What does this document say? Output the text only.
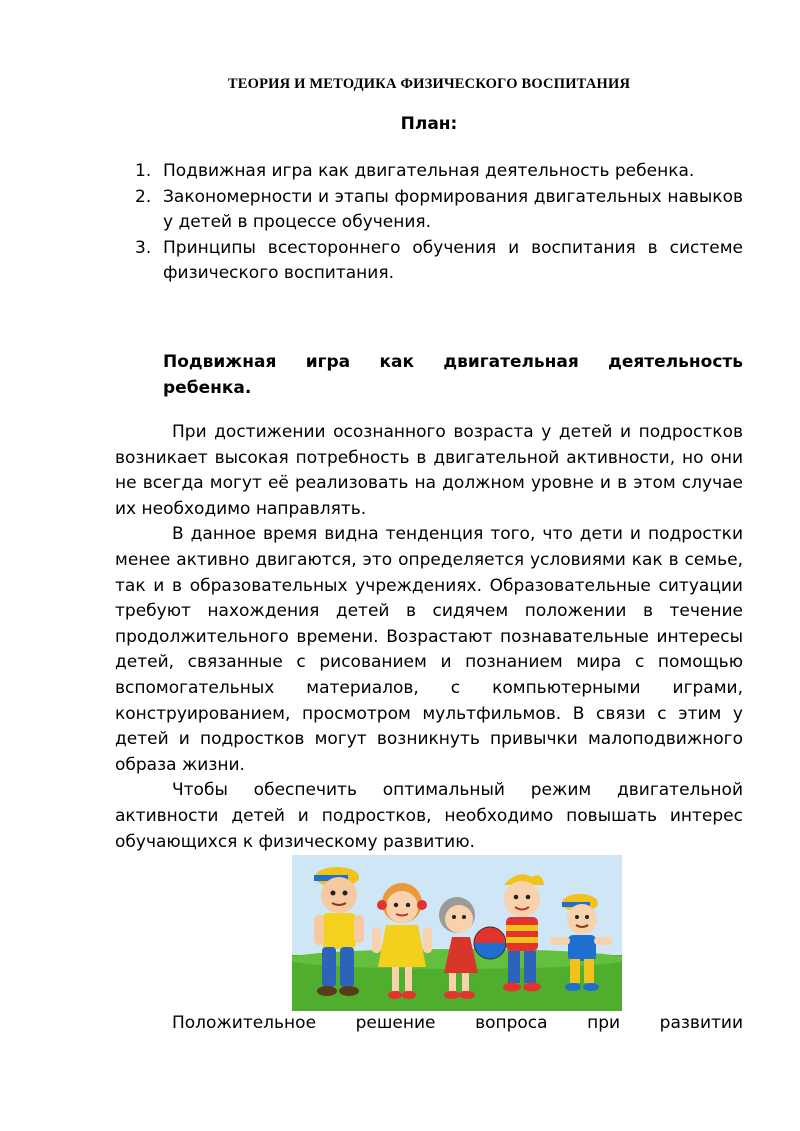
ТЕОРИЯ И МЕТОДИКА ФИЗИЧЕСКОГО ВОСПИТАНИЯ
План:
1. Подвижная игра как двигательная деятельность ребенка.
2. Закономерности и этапы формирования двигательных навыков у детей в процессе обучения.
3. Принципы всестороннего обучения и воспитания в системе физического воспитания.
Подвижная игра как двигательная деятельность
ребенка.

При достижении осознанного возраста у детей и подростков возникает высокая потребность в двигательной активности, но они не всегда могут её реализовать на должном уровне и в этом случае их необходимо направлять.

В данное время видна тенденция того, что дети и подростки менее активно двигаются, это определяется условиями как в семье, так и в образовательных учреждениях. Образовательные ситуации требуют нахождения детей в сидячем положении в течение продолжительного времени. Возрастают познавательные интересы детей, связанные с рисованием и познанием мира с помощью вспомогательных материалов, с компьютерными играми, конструированием, просмотром мультфильмов. В связи с этим у детей и подростков могут возникнуть привычки малоподвижного образа жизни.

Чтобы обеспечить оптимальный режим двигательной активности детей и подростков, необходимо повышать интерес обучающихся к физическому развитию.

Положительное решение вопроса при развитии
